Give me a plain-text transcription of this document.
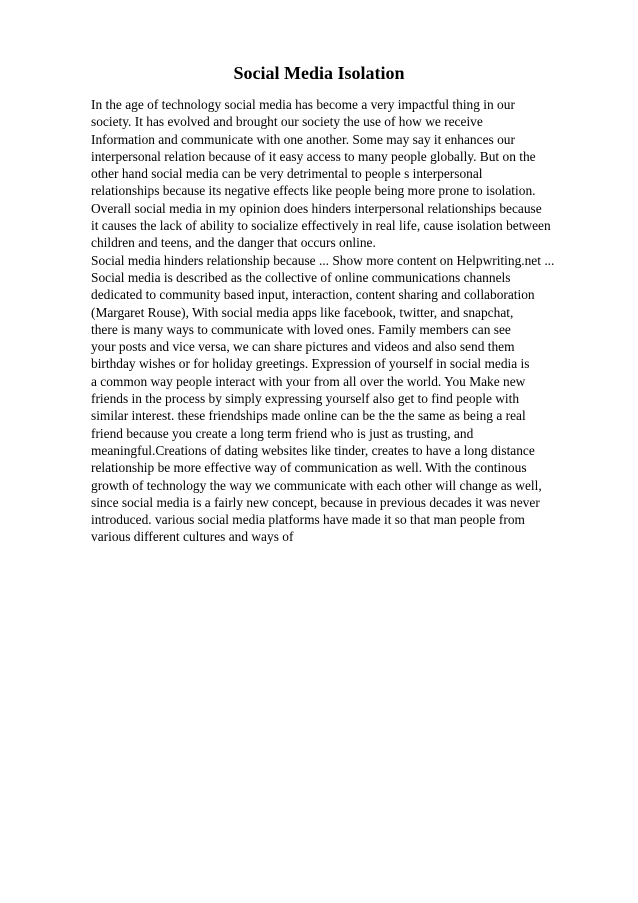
Social Media Isolation
In the age of technology social media has become a very impactful thing in our
society. It has evolved and brought our society the use of how we receive
Information and communicate with one another. Some may say it enhances our
interpersonal relation because of it easy access to many people globally. But on the
other hand social media can be very detrimental to people s interpersonal
relationships because its negative effects like people being more prone to isolation.
Overall social media in my opinion does hinders interpersonal relationships because
it causes the lack of ability to socialize effectively in real life, cause isolation between
children and teens, and the danger that occurs online.
Social media hinders relationship because ... Show more content on Helpwriting.net ...
Social media is described as the collective of online communications channels
dedicated to community based input, interaction, content sharing and collaboration
(Margaret Rouse), With social media apps like facebook, twitter, and snapchat,
there is many ways to communicate with loved ones. Family members can see
your posts and vice versa, we can share pictures and videos and also send them
birthday wishes or for holiday greetings. Expression of yourself in social media is
a common way people interact with your from all over the world. You Make new
friends in the process by simply expressing yourself also get to find people with
similar interest. these friendships made online can be the the same as being a real
friend because you create a long term friend who is just as trusting, and
meaningful.Creations of dating websites like tinder, creates to have a long distance
relationship be more effective way of communication as well. With the continous
growth of technology the way we communicate with each other will change as well,
since social media is a fairly new concept, because in previous decades it was never
introduced. various social media platforms have made it so that man people from
various different cultures and ways of
